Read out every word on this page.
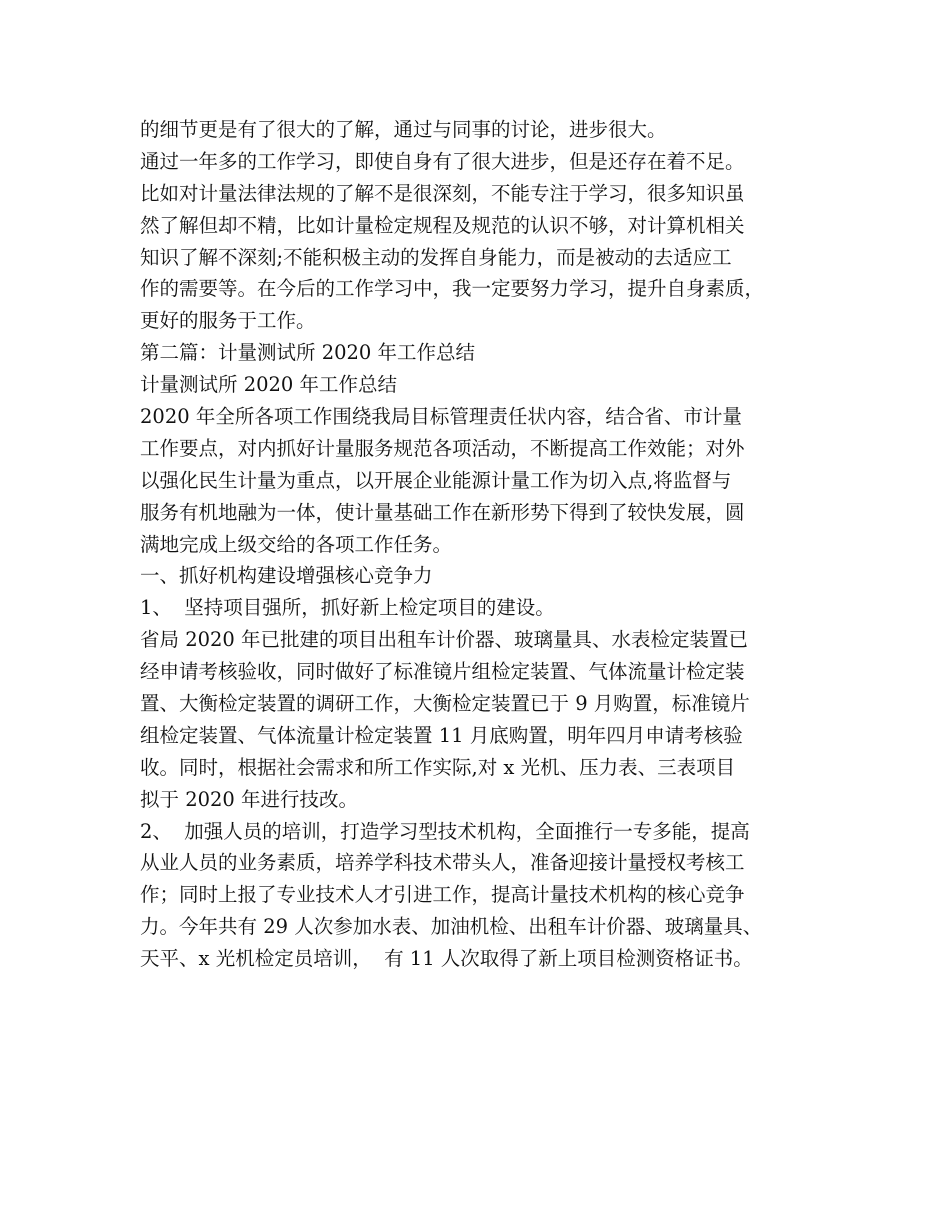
的细节更是有了很大的了解，通过与同事的讨论，进步很大。

通过一年多的工作学习，即使自身有了很大进步，但是还存在着不足。

比如对计量法律法规的了解不是很深刻，不能专注于学习，很多知识虽

然了解但却不精，比如计量检定规程及规范的认识不够，对计算机相关

知识了解不深刻;不能积极主动的发挥自身能力，而是被动的去适应工

作的需要等。在今后的工作学习中，我一定要努力学习，提升自身素质，

更好的服务于工作。

第二篇：计量测试所 2020 年工作总结

计量测试所 2020 年工作总结

2020 年全所各项工作围绕我局目标管理责任状内容，结合省、市计量

工作要点，对内抓好计量服务规范各项活动，不断提高工作效能；对外

以强化民生计量为重点，以开展企业能源计量工作为切入点,将监督与

服务有机地融为一体，使计量基础工作在新形势下得到了较快发展，圆

满地完成上级交给的各项工作任务。

一、抓好机构建设增强核心竞争力

1、  坚持项目强所，抓好新上检定项目的建设。

省局 2020 年已批建的项目出租车计价器、玻璃量具、水表检定装置已

经申请考核验收，同时做好了标准镜片组检定装置、气体流量计检定装

置、大衡检定装置的调研工作，大衡检定装置已于 9 月购置，标准镜片

组检定装置、气体流量计检定装置 11 月底购置，明年四月申请考核验

收。同时，根据社会需求和所工作实际,对 x 光机、压力表、三表项目

拟于 2020 年进行技改。

2、  加强人员的培训，打造学习型技术机构，全面推行一专多能，提高

从业人员的业务素质，培养学科技术带头人，准备迎接计量授权考核工

作；同时上报了专业技术人才引进工作，提高计量技术机构的核心竞争

力。今年共有 29 人次参加水表、加油机检、出租车计价器、玻璃量具、

天平、x 光机检定员培训，  有 11 人次取得了新上项目检测资格证书。
